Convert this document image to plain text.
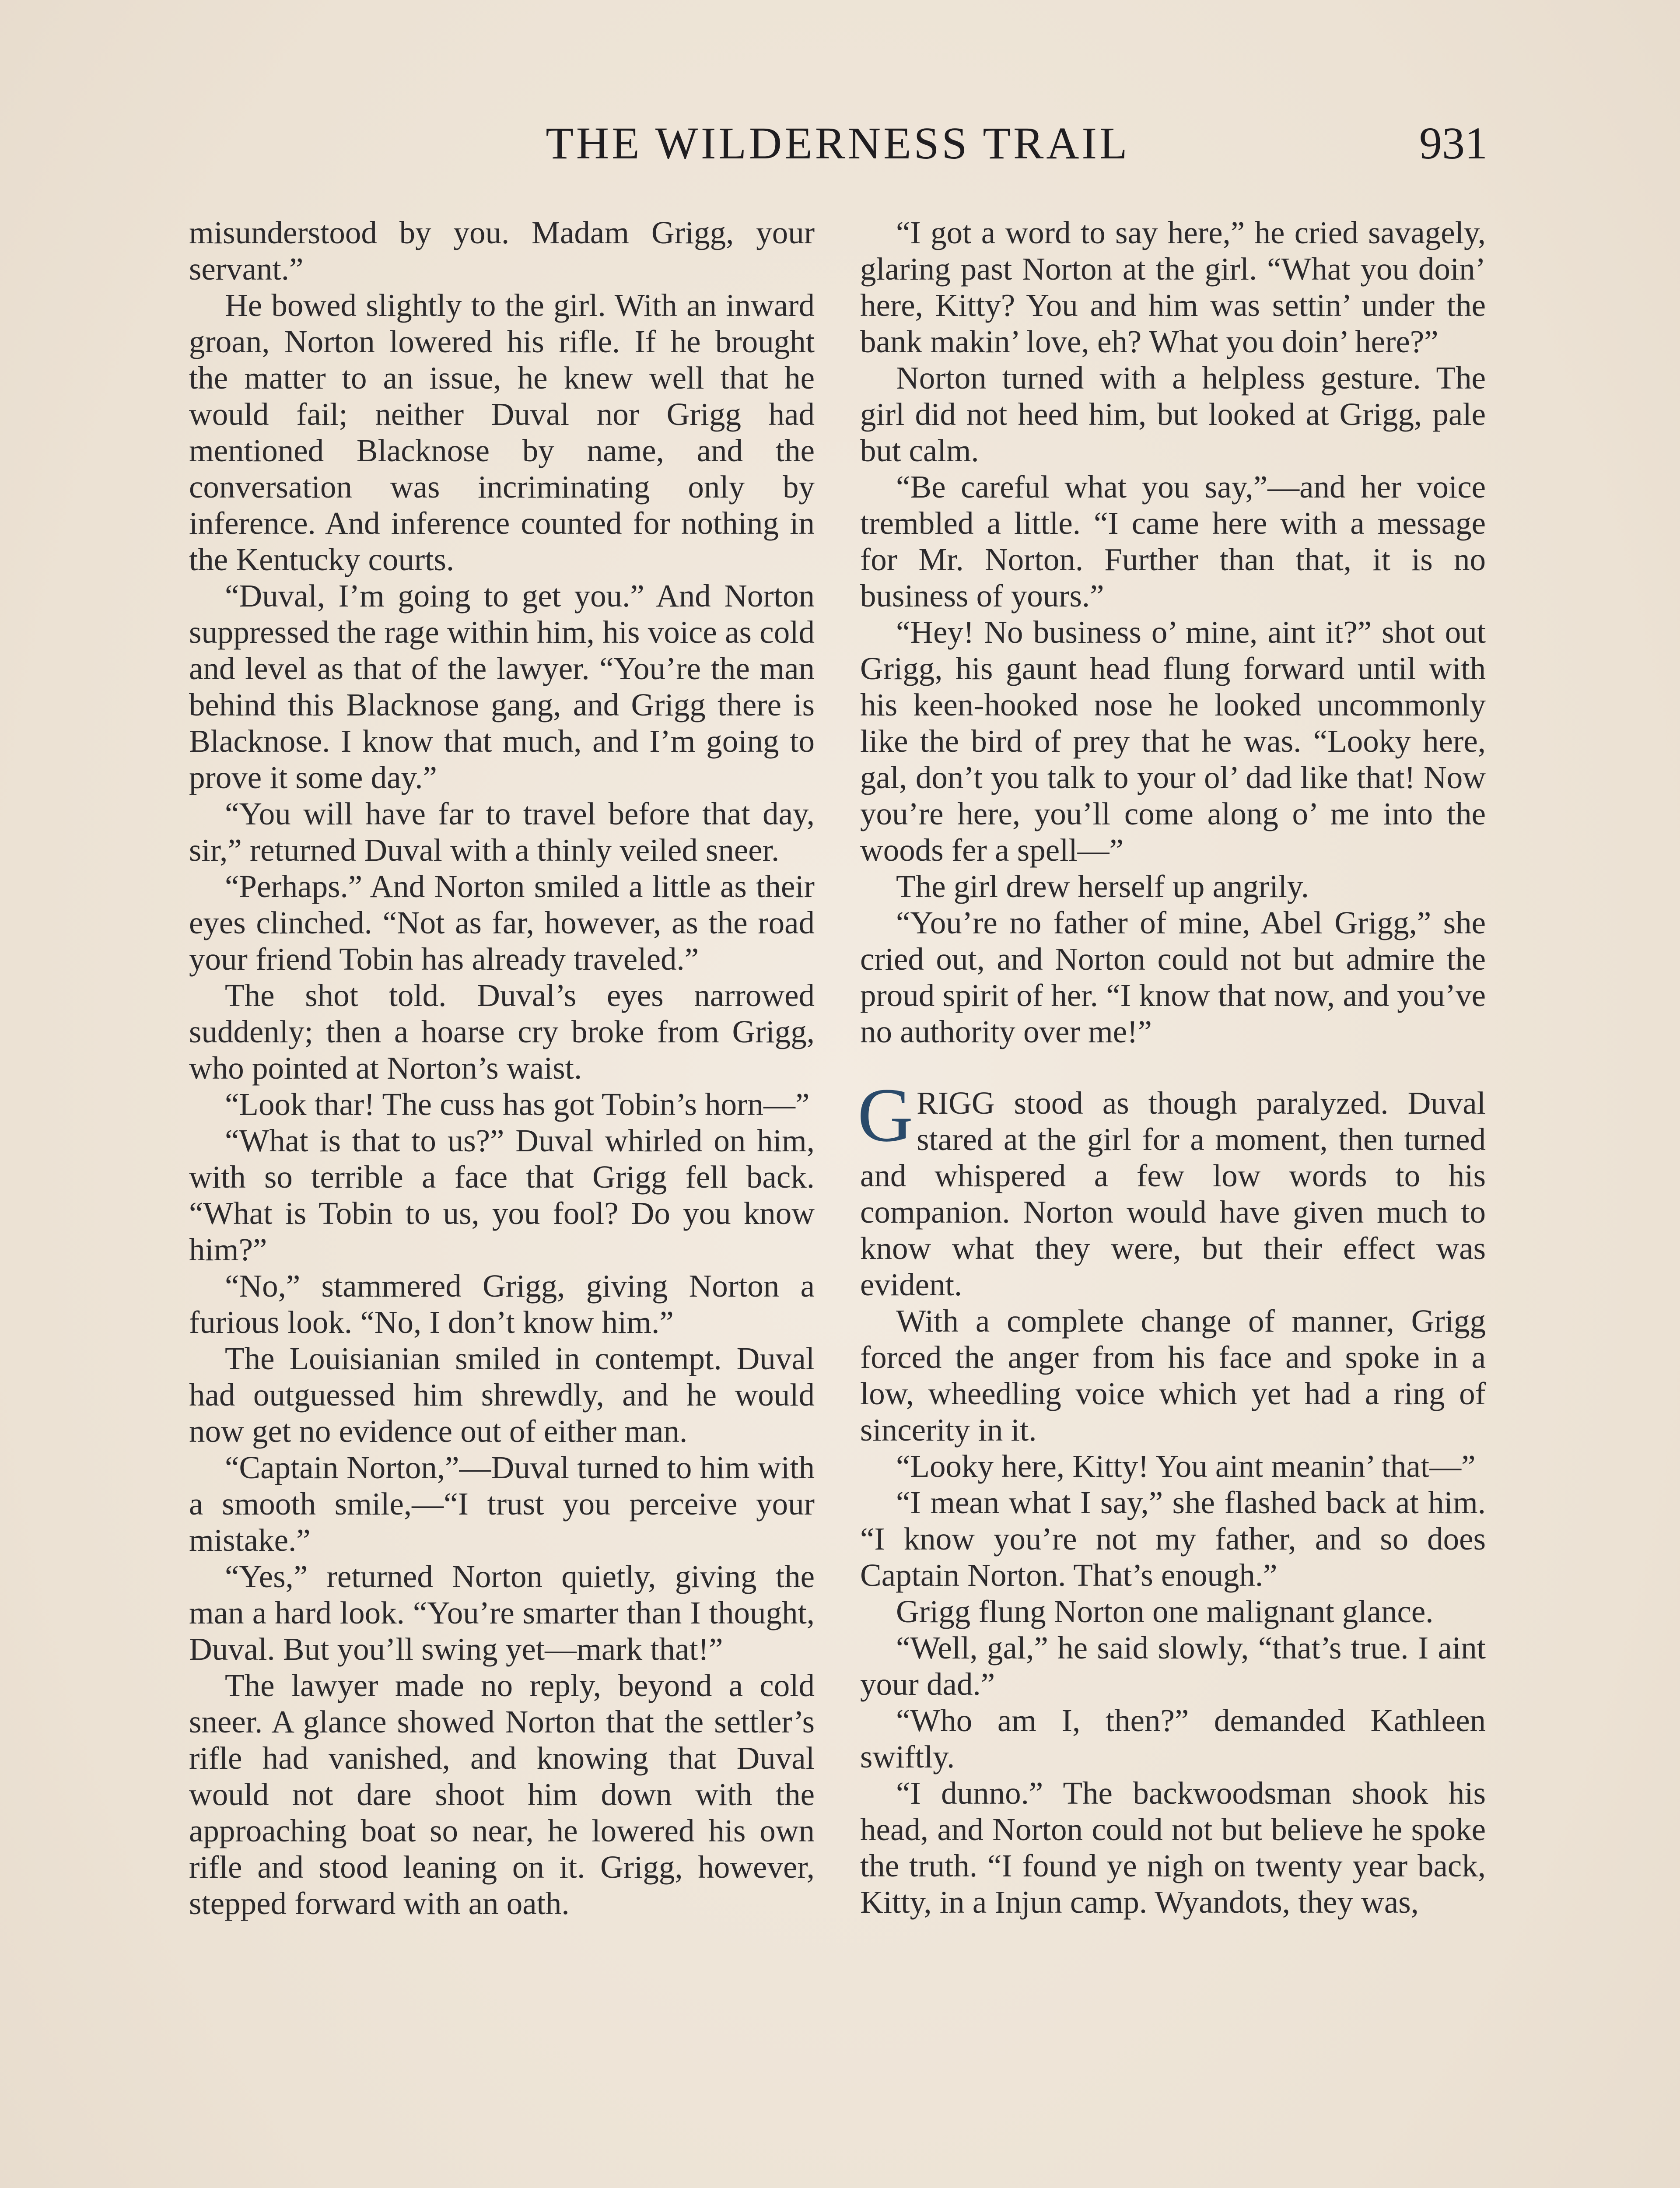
THE WILDERNESS TRAIL	931

misunderstood by you. Madam Grigg, your servant.”

He bowed slightly to the girl. With an inward groan, Norton lowered his rifle. If he brought the matter to an issue, he knew well that he would fail; neither Duval nor Grigg had mentioned Blacknose by name, and the conversation was incriminating only by inference. And inference counted for nothing in the Kentucky courts.

“Duval, I’m going to get you.” And Norton suppressed the rage within him, his voice as cold and level as that of the lawyer. “You’re the man behind this Blacknose gang, and Grigg there is Blacknose. I know that much, and I’m going to prove it some day.”

“You will have far to travel before that day, sir,” returned Duval with a thinly veiled sneer.

“Perhaps.” And Norton smiled a little as their eyes clinched. “Not as far, however, as the road your friend Tobin has already traveled.”

The shot told. Duval’s eyes narrowed suddenly; then a hoarse cry broke from Grigg, who pointed at Norton’s waist.

“Look thar! The cuss has got Tobin’s horn—”

“What is that to us?” Duval whirled on him, with so terrible a face that Grigg fell back. “What is Tobin to us, you fool? Do you know him?”

“No,” stammered Grigg, giving Norton a furious look. “No, I don’t know him.”

The Louisianian smiled in contempt. Duval had outguessed him shrewdly, and he would now get no evidence out of either man.

“Captain Norton,”—Duval turned to him with a smooth smile,—“I trust you perceive your mistake.”

“Yes,” returned Norton quietly, giving the man a hard look. “You’re smarter than I thought, Duval. But you’ll swing yet—mark that!”

The lawyer made no reply, beyond a cold sneer. A glance showed Norton that the settler’s rifle had vanished, and knowing that Duval would not dare shoot him down with the approaching boat so near, he lowered his own rifle and stood leaning on it. Grigg, however, stepped forward with an oath.

“I got a word to say here,” he cried savagely, glaring past Norton at the girl. “What you doin’ here, Kitty? You and him was settin’ under the bank makin’ love, eh? What you doin’ here?”

Norton turned with a helpless gesture. The girl did not heed him, but looked at Grigg, pale but calm.

“Be careful what you say,”—and her voice trembled a little. “I came here with a message for Mr. Norton. Further than that, it is no business of yours.”

“Hey! No business o’ mine, aint it?” shot out Grigg, his gaunt head flung forward until with his keen-hooked nose he looked uncommonly like the bird of prey that he was. “Looky here, gal, don’t you talk to your ol’ dad like that! Now you’re here, you’ll come along o’ me into the woods fer a spell—”

The girl drew herself up angrily.

“You’re no father of mine, Abel Grigg,” she cried out, and Norton could not but admire the proud spirit of her. “I know that now, and you’ve no authority over me!”

GRIGG stood as though paralyzed. Duval stared at the girl for a moment, then turned and whispered a few low words to his companion. Norton would have given much to know what they were, but their effect was evident.

With a complete change of manner, Grigg forced the anger from his face and spoke in a low, wheedling voice which yet had a ring of sincerity in it.

“Looky here, Kitty! You aint meanin’ that—”

“I mean what I say,” she flashed back at him. “I know you’re not my father, and so does Captain Norton. That’s enough.”

Grigg flung Norton one malignant glance.

“Well, gal,” he said slowly, “that’s true. I aint your dad.”

“Who am I, then?” demanded Kathleen swiftly.

“I dunno.” The backwoodsman shook his head, and Norton could not but believe he spoke the truth. “I found ye nigh on twenty year back, Kitty, in a Injun camp. Wyandots, they was,
